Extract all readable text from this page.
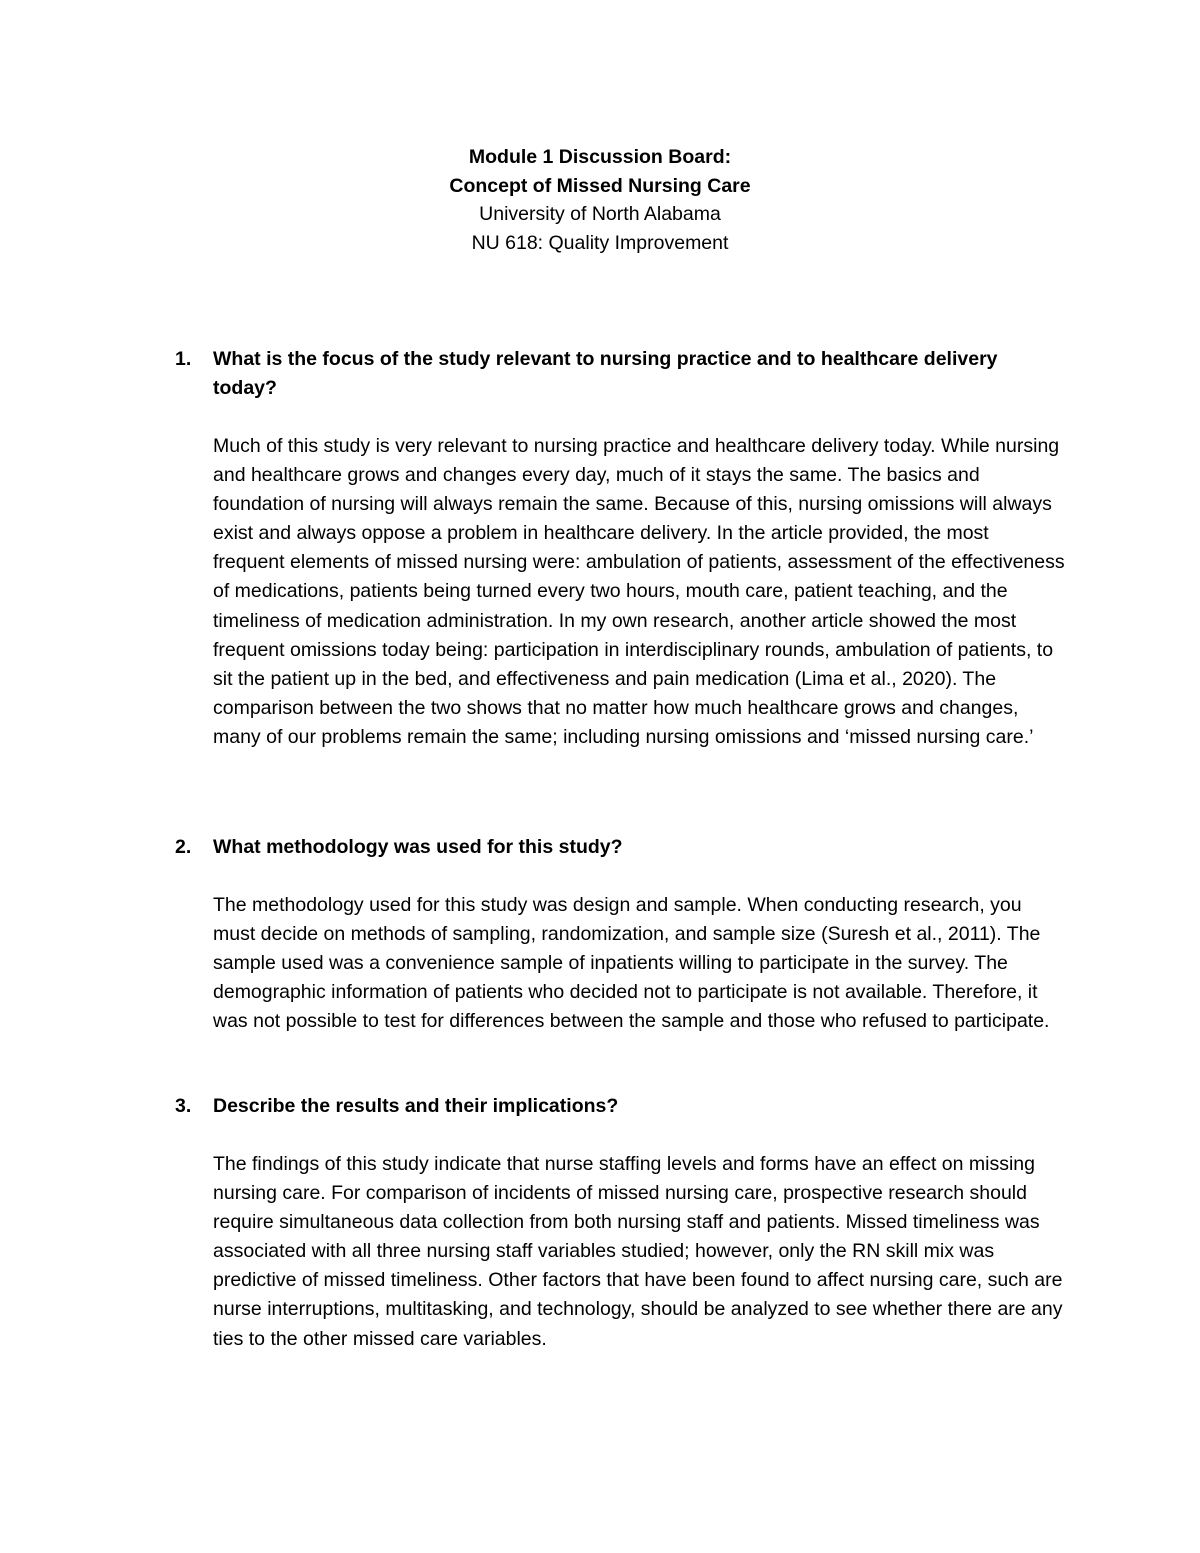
Module 1 Discussion Board:
Concept of Missed Nursing Care
University of North Alabama
NU 618: Quality Improvement
1. What is the focus of the study relevant to nursing practice and to healthcare delivery today?
Much of this study is very relevant to nursing practice and healthcare delivery today. While nursing and healthcare grows and changes every day, much of it stays the same. The basics and foundation of nursing will always remain the same. Because of this, nursing omissions will always exist and always oppose a problem in healthcare delivery. In the article provided, the most frequent elements of missed nursing were: ambulation of patients, assessment of the effectiveness of medications, patients being turned every two hours, mouth care, patient teaching, and the timeliness of medication administration. In my own research, another article showed the most frequent omissions today being: participation in interdisciplinary rounds, ambulation of patients, to sit the patient up in the bed, and effectiveness and pain medication (Lima et al., 2020). The comparison between the two shows that no matter how much healthcare grows and changes, many of our problems remain the same; including nursing omissions and ‘missed nursing care.’
2. What methodology was used for this study?
The methodology used for this study was design and sample. When conducting research, you must decide on methods of sampling, randomization, and sample size (Suresh et al., 2011). The sample used was a convenience sample of inpatients willing to participate in the survey. The demographic information of patients who decided not to participate is not available. Therefore, it was not possible to test for differences between the sample and those who refused to participate.
3. Describe the results and their implications?
The findings of this study indicate that nurse staffing levels and forms have an effect on missing nursing care. For comparison of incidents of missed nursing care, prospective research should require simultaneous data collection from both nursing staff and patients. Missed timeliness was associated with all three nursing staff variables studied; however, only the RN skill mix was predictive of missed timeliness. Other factors that have been found to affect nursing care, such are nurse interruptions, multitasking, and technology, should be analyzed to see whether there are any ties to the other missed care variables.
